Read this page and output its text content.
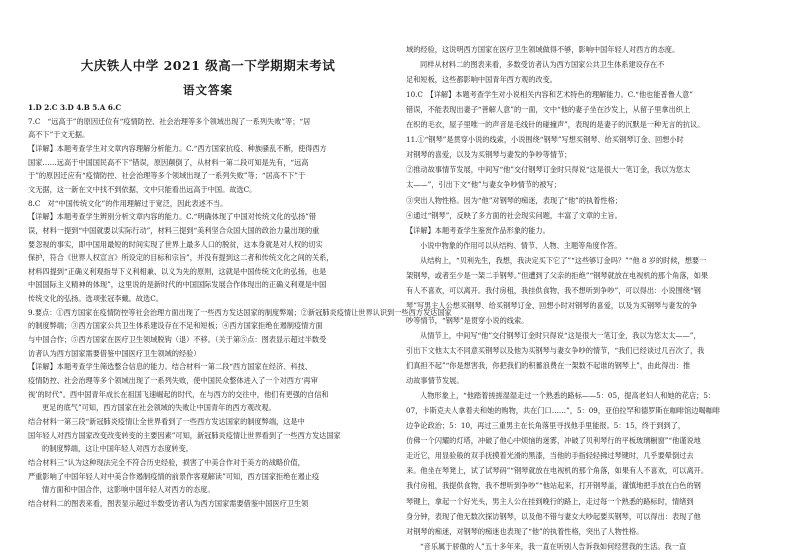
大庆铁人中学 2021 级高一下学期期末考试
语文答案
1.D 2.C 3.D 4.B 5.A 6.C
7.C　“远高于”的原因迁位有“疫情防控、社会治理等多个领域出现了一系列失败”等；“居
高不下”于文无据。
【详解】本题考查学生对文章内容理解分析能力。C.“西方国家抗疫、种族骚乱不断，使得西方
国家……远高于中国国民高不下”错误，原因颠倒了，从材料一第二段可知是先有，“远高
于”的原因迁应有“疫情防控、社会治理等多个领域出现了一系列失败”等；“居高不下”于
文无据，这一新在文中找不到依据，文中只能看出远高于中国。故选C。
8.C　对“中国传统文化”的作用理解过于宽泛，因此表述不当。
【详解】本题考查学生辨别分析文章内容的能力。C.“明确体现了中国对传统文化的弘扬”错
误，材料一提到“中国就要以实际行动”，材料三提到“美利坚合众国大国的政治力量出现的重
要忽视的事实，即中国用最短的时间实现了世界上最多人口的脱贫，这本身就是对人权的切实
保护，符合《世界人权宣言》所设定的目标和宗旨”，并没有提到这二者和传统文化之间的关系，
材料四提到“正确义利观指导下义利相兼、以义为先的原则，这就是中国传统文化的弘扬，也是
中国国际主义精神的体现”，这里说的是新时代的中国国际发展合作体现出的正确义利观是中国
传统文化的弘扬。选项张冠李戴。故选C。
9.要点：①西方国家在疫情防控等社会治理方面出现了一些西方发达国家的制度弊端；②新冠肺炎疫情让世界认识到一些西方发达国家
的制度弊端；③西方国家公共卫生体系建设存在不足和短板；④西方国家拒绝在遏制疫情方面
与中国合作；⑤西方国家在医疗卫生领域脱钩（退）不移。（关于第⑤点：图表显示超过半数受
访者认为西方国家需要借鉴中国医疗卫生领域的经验）
【详解】本题考查学生筛选整合信息的能力。结合材料一第二段“西方国家在经济、科技、
疫情防控、社会治理等多个领域出现了一系列失败，使中国民众整体进入了一个对西方‘再审
视’的时代”。西中国青年成长在祖国飞速崛起的时代，在与西方的交往中，他们有更强的自信和
更足的底气”可知，西方国家在社会领域的失败让中国青年的西方观改观。
结合材料一第三段“新冠肺炎疫情让全世界看到了一些西方发达国家的制度弊端，这是中
国年轻人对西方国家改变改变转变的主要因素”可知，新冠肺炎疫情让世界看到了一些西方发达国家
的制度弊端，这让中国年轻人对西方态度转变。
结合材料三“认为这种现法完全不符合历史经验，损害了中美合作对于美方的战略价值，
严重影响了中国年轻人对中美合作遏制疫情的前景作客观解读”可知，西方国家拒绝在遏止疫
情方面和中国合作，这影响中国年轻人对西方的态度。
结合材料二的图表来看，图表显示超过半数受访者认为西方国家需要借鉴中国医疗卫生领
域的经验，这说明西方国家在医疗卫生领域做得不够，影响中国年轻人对西方的态度。
同样从材料二的图表来看，多数受访者认为西方国家公共卫生体系建设存在不
足和短板，这些都影响中国青年西方观的改变。
10.C　【详解】本题考查学生对小说相关内容和艺术特色的理解能力。C.“他也能普鲁人意”
错误，不能表现出妻子“善解人意”的一面，文中“他的妻子坐在沙发上，从留子里拿出织上
在织的毛衣，屋子里唯一的声音是毛线针的碰撞声”，表现的是妻子的沉默是一种无言的抗议。
11.①“钢琴”是贯穿小说的线索，小说围绕“钢琴”写想买钢琴、给买钢琴订金、回想小时
对钢琴的喜爱，以及为买钢琴与妻发的争吵等情节；
②推动故事情节发展，中间写“他”交付钢琴订金时只得说“这是很大一笔订金，我以为您太
太——”，引出下文“他”与妻女争吵情节的被写；
③突出人物性格。因为“他”对钢琴的痴迷，表现了“他”的执着性格；
④通过“钢琴”，反映了多方面的社会现实问题，丰富了文章的主旨。
【详解】本题考查学生鉴赏作品形象的能力。
小说中物象的作用可以从结构、情节、人物、主题等角度作答。
从结构上，“贝利先生，我想，我决定买下它了”“这些够订金吗？”“他 8 岁的时候，想要一
架钢琴，或者至少是一架二手钢琴。”但遭到了父亲的拒绝”“钢琴就放在电视机的那个角落，如果
有人不喜欢，可以离开。我付房租，我挂供食物，我不想听到争吵”，可以得出：小说围绕“钢
琴”写男主人公想买钢琴、给买钢琴订金、回想小时对钢琴的喜爱，以及为买钢琴与妻发的争
吵等情节，“钢琴”是贯穿小说的线索。
从情节上，中间写“他”交付钢琴订金时只得说“这是很大一笔订金，我以为您太太——”，
引出下文他太太不同意买钢琴以及他为买钢琴与妻女争吵的情节，“我们已经谈过几百次了，我
们真担不起”“你是想害我，你把我们的积蓄浪费在一架数不起谁的钢琴上”，由此得出：推
动故事情节发展。
人物形象上，“他踏着搓搓湿湿走过一个熟悉的路标——5：05，提高老妇人和她的花店；5：
07，卡斯克夫人拿着夫和她的购物，共在门口……”，5：09，亚伯拉罕和德罗斯在咖啡馆边喝咖啡
边争论政治；5：10，再过三重男主在长角落里寻找他手里能报。5：15，终于到到了，
仿佛一个闪耀的灯塔，冲破了他心中烦恼的迷雾，冲破了贝利琴行的平板玻璃橱窗”“他谨说地
走近它，用显验般的双手抚摸着光滑的黑漆，当他的手指轻轻拂过琴键时，几乎要晕倒过去
来。他坐在琴凳上，试了试琴码”“钢琴就放在电视机的那个角落，如果有人不喜欢，可以离开。
我付房租，我提供食物，我不想听到争吵”“他站起来，打开钢琴盖，谨慎地把手放在白色的钢
琴键上，拿起一个好光头，男主人公在挂到晚行的路上，走过每一个熟悉的路标时，情绪到
身分钟，表现了他无数次探访钢琴，以及他不错与妻女大吵起要买钢琴，可以得出：表现了他
对钢琴的痴迷，对钢琴的痴迷也表现了“他”的执着性格，突出了人物性格。
“音乐属于骄傲的人”五十多年来，我一直在听别人告诉我如何经营我的生活。我一直
